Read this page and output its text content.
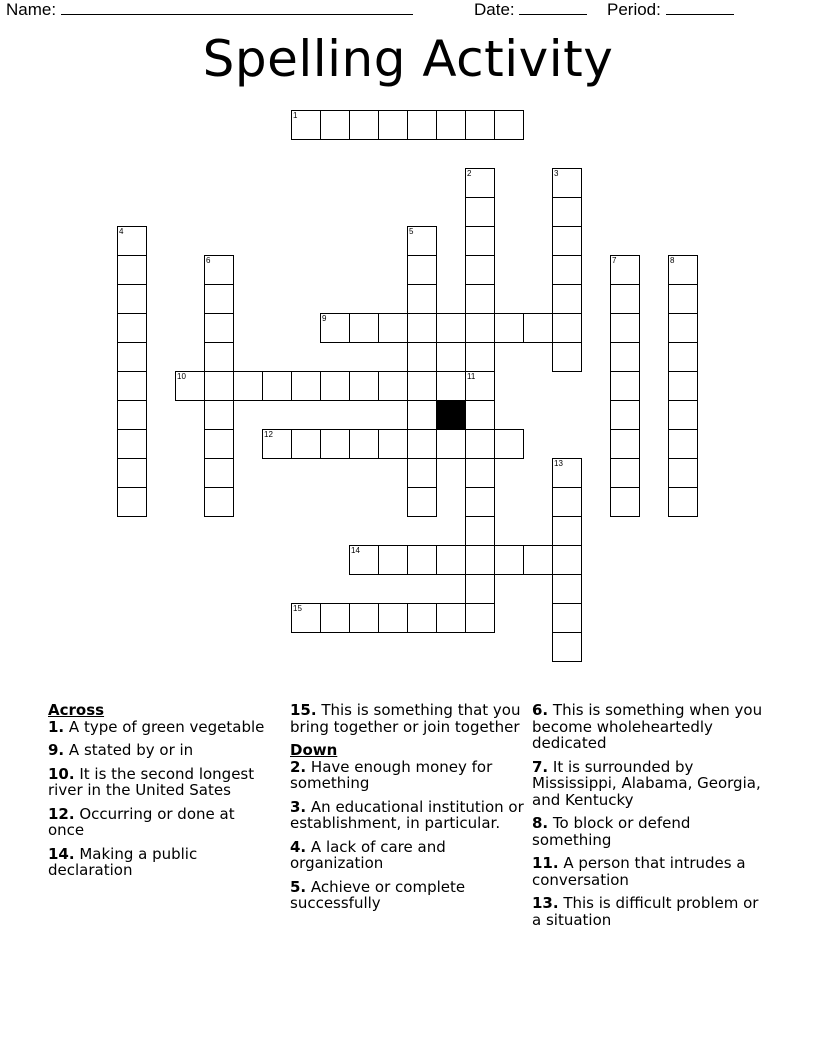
Name:	Date:	Period:
Spelling Activity
1
2
11
3
4	5
6	7	8
9
10
12
13
14
15
Across
1. A type of green vegetable
9. A stated by or in
10. It is the second longest river in the United Sates
12. Occurring or done at once
14. Making a public declaration
15. This is something that you bring together or join together
Down
2. Have enough money for something
3. An educational institution or establishment, in particular.
4. A lack of care and organization
5. Achieve or complete successfully
6. This is something when you become wholeheartedly dedicated
7. It is surrounded by Mississippi, Alabama, Georgia, and Kentucky
8. To block or defend something
11. A person that intrudes a conversation
13. This is difficult problem or a situation
